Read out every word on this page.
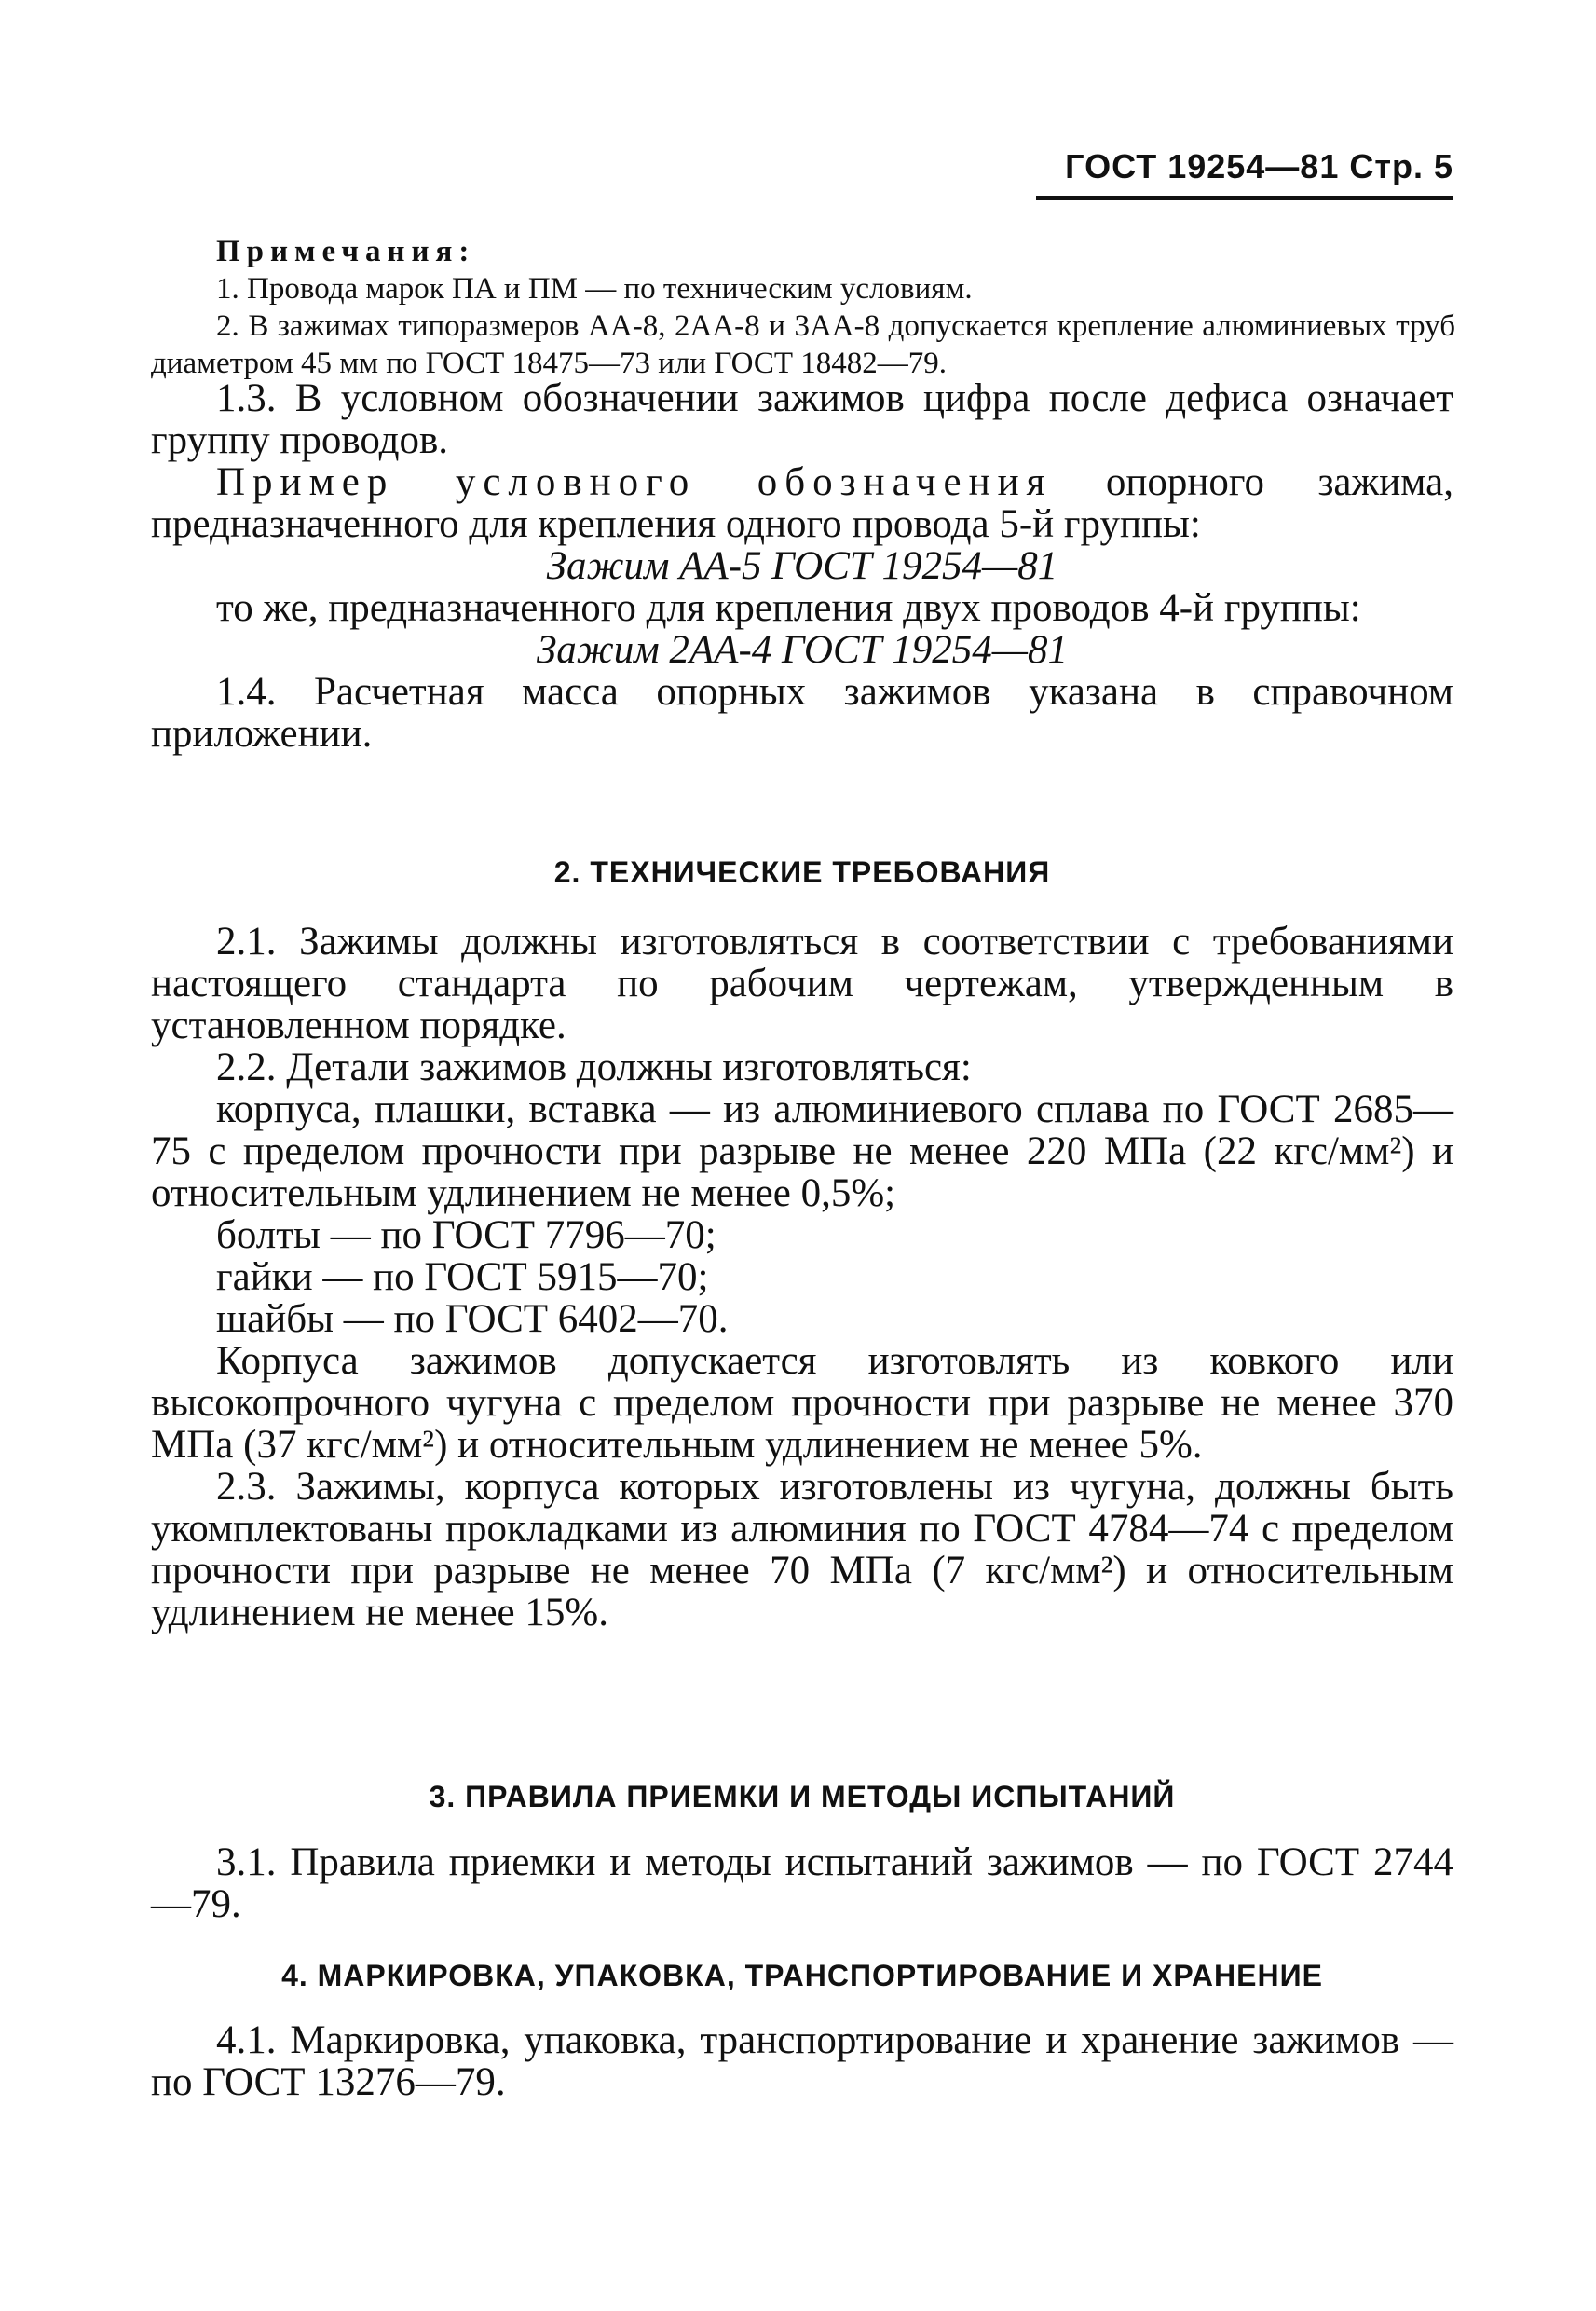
ГОСТ 19254—81 Стр. 5
Примечания:
1. Провода марок ПА и ПМ — по техническим условиям.
2. В зажимах типоразмеров АА-8, 2АА-8 и 3АА-8 допускается крепление алюминиевых труб диаметром 45 мм по ГОСТ 18475—73 или ГОСТ 18482—79.

1.3. В условном обозначении зажимов цифра после дефиса означает группу проводов.

Пример условного обозначения опорного зажима, предназначенного для крепления одного провода 5-й группы:

Зажим АА-5 ГОСТ 19254—81

то же, предназначенного для крепления двух проводов 4-й группы:

Зажим 2АА-4 ГОСТ 19254—81

1.4. Расчетная масса опорных зажимов указана в справочном приложении.

2. ТЕХНИЧЕСКИЕ ТРЕБОВАНИЯ

2.1. Зажимы должны изготовляться в соответствии с требованиями настоящего стандарта по рабочим чертежам, утвержденным в установленном порядке.

2.2. Детали зажимов должны изготовляться:

корпуса, плашки, вставка — из алюминиевого сплава по ГОСТ 2685—75 с пределом прочности при разрыве не менее 220 МПа (22 кгс/мм²) и относительным удлинением не менее 0,5%;

болты — по ГОСТ 7796—70;

гайки — по ГОСТ 5915—70;

шайбы — по ГОСТ 6402—70.

Корпуса зажимов допускается изготовлять из ковкого или высокопрочного чугуна с пределом прочности при разрыве не менее 370 МПа (37 кгс/мм²) и относительным удлинением не менее 5%.

2.3. Зажимы, корпуса которых изготовлены из чугуна, должны быть укомплектованы прокладками из алюминия по ГОСТ 4784—74 с пределом прочности при разрыве не менее 70 МПа (7 кгс/мм²) и относительным удлинением не менее 15%.

3. ПРАВИЛА ПРИЕМКИ И МЕТОДЫ ИСПЫТАНИЙ

3.1. Правила приемки и методы испытаний зажимов — по ГОСТ 2744—79.

4. МАРКИРОВКА, УПАКОВКА, ТРАНСПОРТИРОВАНИЕ И ХРАНЕНИЕ

4.1. Маркировка, упаковка, транспортирование и хранение зажимов — по ГОСТ 13276—79.
